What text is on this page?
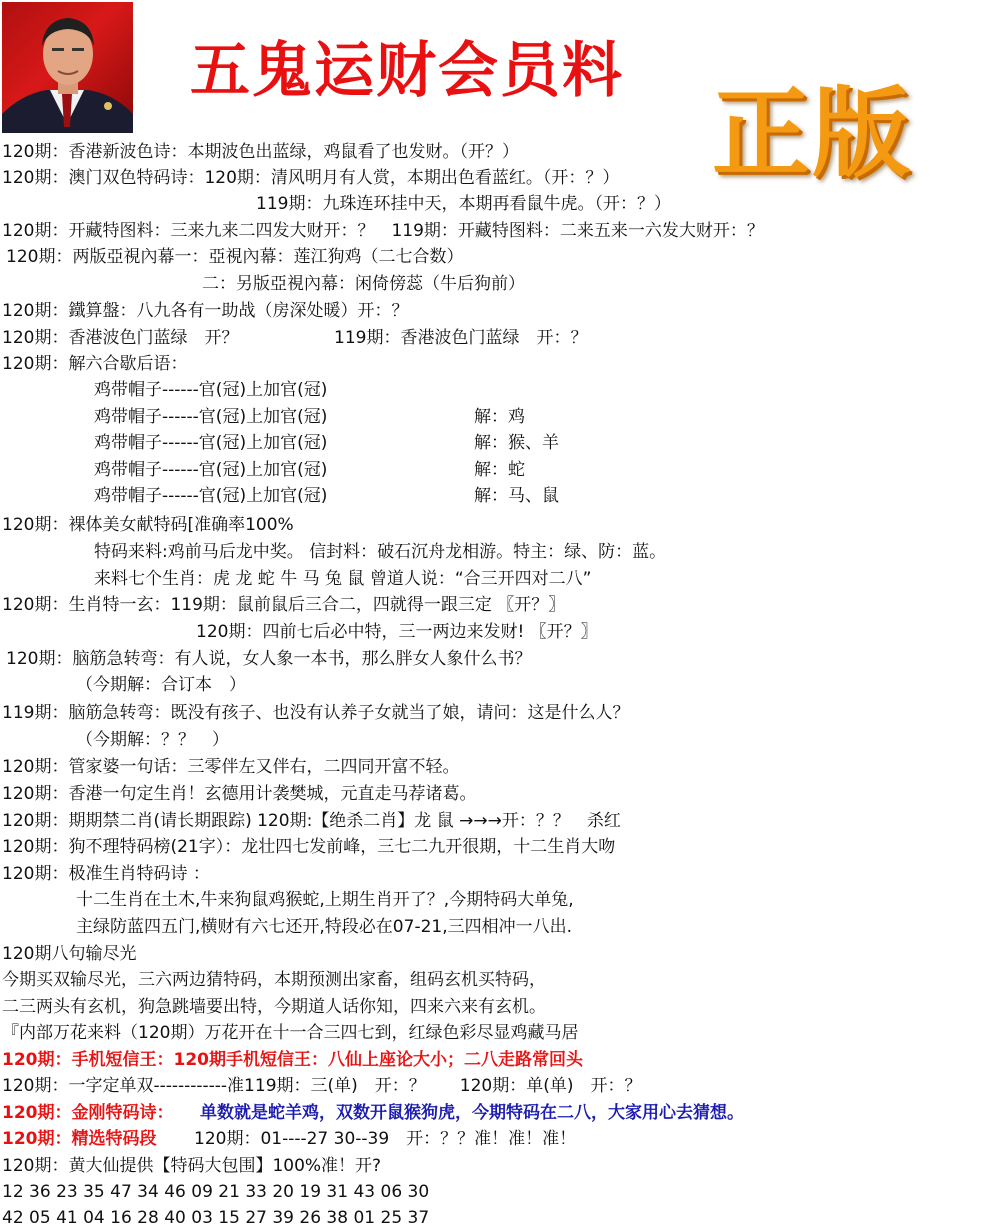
五鬼运财会员料
正版
120期：香港新波色诗：本期波色出蓝绿，鸡鼠看了也发财。（开？）
120期：澳门双色特码诗：120期：清风明月有人赏，本期出色看蓝红。（开：？）
119期：九珠连环挂中天，本期再看鼠牛虎。（开：？）
120期：开藏特图料：三来九来二四发大财开：？　119期：开藏特图料：二来五来一六发大财开：？
120期：两版亞視內幕一：亞視內幕：莲江狗鸡（二七合数）
二：另版亞視內幕：闲倚傍蕊（牛后狗前）
120期：鐵算盤：八九各有一助战（房深处暖）开：？
120期：香港波色门蓝绿　开？	119期：香港波色门蓝绿　开：？
120期：解六合歇后语：
鸡带帽子------官(冠)上加官(冠)
鸡带帽子------官(冠)上加官(冠)	解：鸡
鸡带帽子------官(冠)上加官(冠)	解：猴、羊
鸡带帽子------官(冠)上加官(冠)	解：蛇
鸡带帽子------官(冠)上加官(冠)	解：马、鼠
120期：裸体美女献特码[准确率100%
特码来料:鸡前马后龙中奖。 信封料：破石沉舟龙相游。特主：绿、防：蓝。
来料七个生肖：虎 龙 蛇 牛 马 兔 鼠 曾道人说：“合三开四对二八”
120期：生肖特一玄：119期：鼠前鼠后三合二，四就得一跟三定 〖开？〗
120期：四前七后必中特，三一两边来发财! 〖开？〗
120期：脑筋急转弯：有人说，女人象一本书，那么胖女人象什么书？
（今期解：合订本　）
119期：脑筋急转弯：既没有孩子、也没有认养子女就当了娘，请问：这是什么人？
（今期解：？？　）
120期：管家婆一句话：三零伴左又伴右，二四同开富不轻。
120期：香港一句定生肖！玄德用计袭樊城，元直走马荐诸葛。
120期：期期禁二肖(请长期跟踪) 120期:【绝杀二肖】龙 鼠 →→→开：？？　杀红
120期：狗不理特码榜(21字）：龙壮四七发前峰，三七二九开很期，十二生肖大吻
120期：极准生肖特码诗 ：
十二生肖在土木,牛来狗鼠鸡猴蛇,上期生肖开了？,今期特码大单兔,
主绿防蓝四五门,横财有六七还开,特段必在07-21,三四相冲一八出.
120期八句输尽光
今期买双输尽光，三六两边猜特码，本期预测出家畜，组码玄机买特码，
二三两头有玄机，狗急跳墙要出特，今期道人话你知，四来六来有玄机。
『内部万花来料（120期）万花开在十一合三四七到，红绿色彩尽显鸡藏马居
120期：手机短信王：120期手机短信王：八仙上座论大小；二八走路常回头
120期：一字定单双------------准119期：三(单)　开：？　　120期：单(单)　开：？
120期：金刚特码诗： 单数就是蛇羊鸡，双数开鼠猴狗虎，今期特码在二八，大家用心去猜想。
120期：精选特码段 120期：01----27 30--39　开：？？准！准！准！
120期：黄大仙提供【特码大包围】100%准！开?
12 36 23 35 47 34 46 09 21 33 20 19 31 43 06 30
42 05 41 04 16 28 40 03 15 27 39 26 38 01 25 37
